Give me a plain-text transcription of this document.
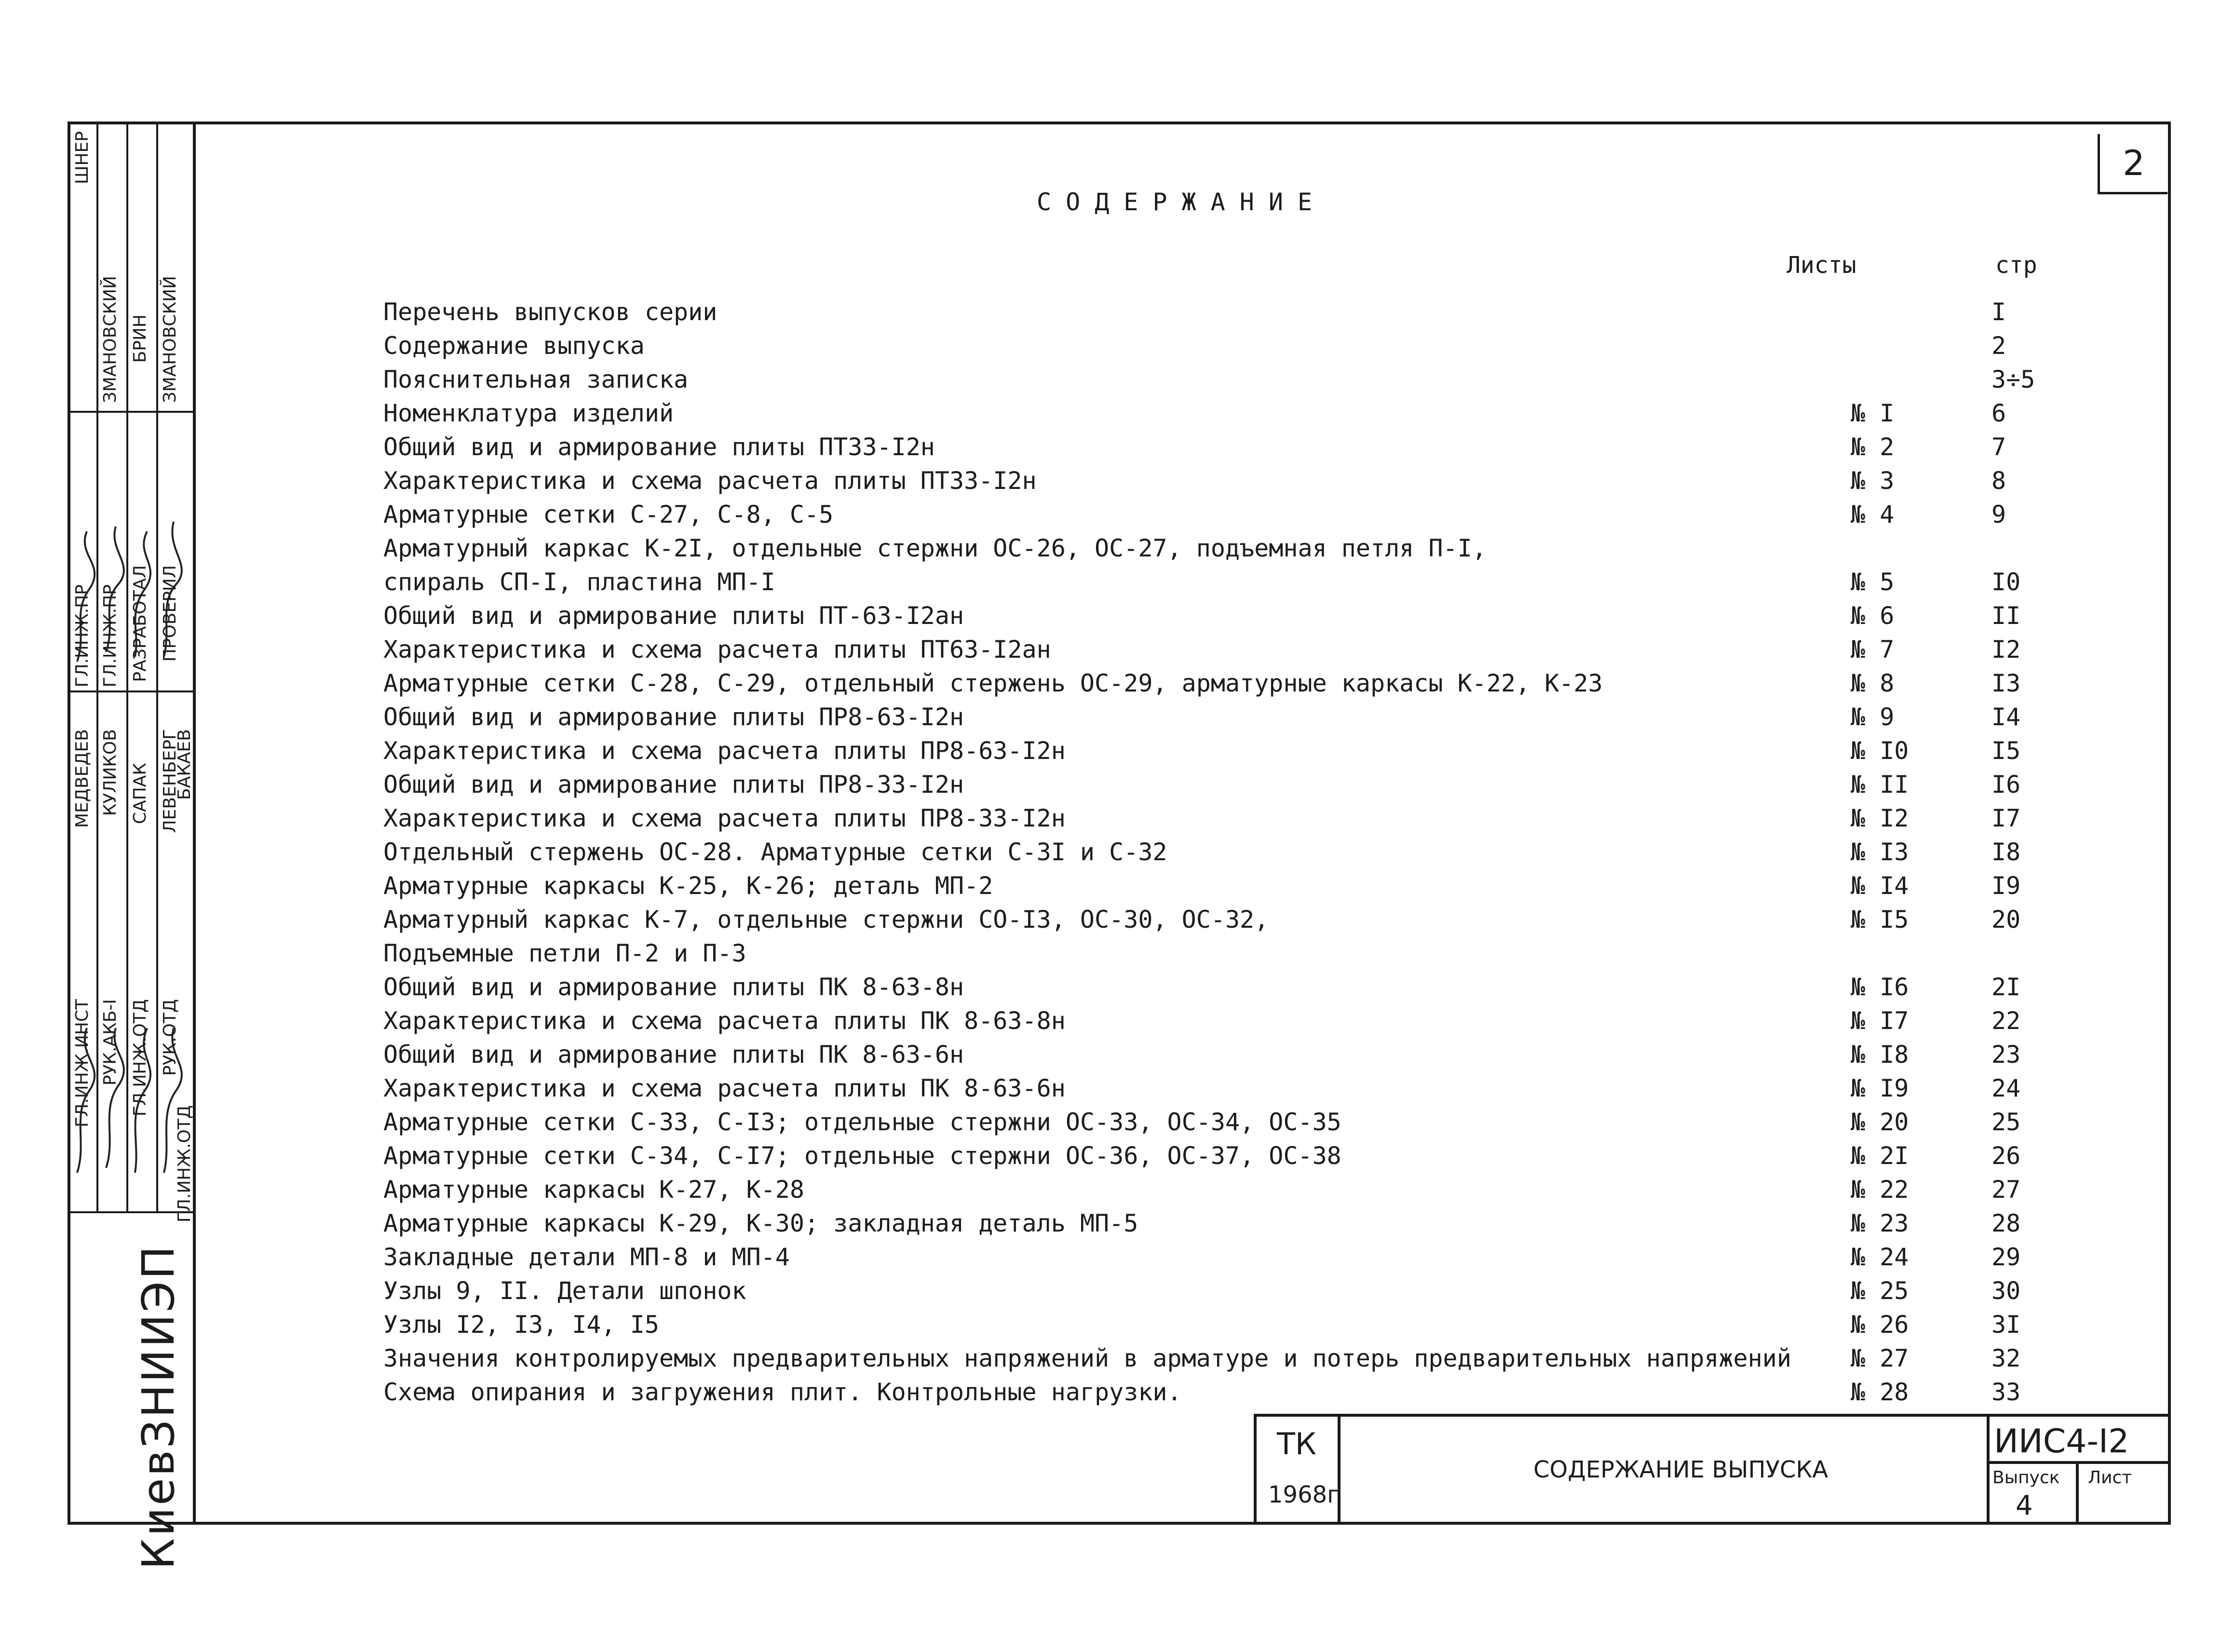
2
СОДЕРЖАНИЕ
Листы	стр
Перечень выпусков серии	I
Содержание выпуска	2
Пояснительная записка	3÷5
Номенклатура изделий	№ I	6
Общий вид и армирование плиты ПТЗЗ-I2н	№ 2	7
Характеристика и схема расчета плиты ПТЗЗ-I2н	№ 3	8
Арматурные сетки С-27, С-8, С-5	№ 4	9
Арматурный каркас К-2I, отдельные стержни ОС-26, ОС-27, подъемная петля П-I,
спираль СП-I, пластина МП-I	№ 5	I0
Общий вид и армирование плиты ПТ-63-I2ан	№ 6	II
Характеристика и схема расчета плиты ПТ63-I2ан	№ 7	I2
Арматурные сетки С-28, С-29, отдельный стержень ОС-29, арматурные каркасы К-22, К-23	№ 8	I3
Общий вид и армирование плиты ПР8-63-I2н	№ 9	I4
Характеристика и схема расчета плиты ПР8-63-I2н	№ I0	I5
Общий вид и армирование плиты ПР8-33-I2н	№ II	I6
Характеристика и схема расчета плиты ПР8-33-I2н	№ I2	I7
Отдельный стержень ОС-28. Арматурные сетки С-3I и С-32	№ I3	I8
Арматурные каркасы К-25, К-26; деталь МП-2	№ I4	I9
Арматурный каркас К-7, отдельные стержни СО-I3, ОС-30, ОС-32,	№ I5	20
Подъемные петли П-2 и П-3
Общий вид и армирование плиты ПК 8-63-8н	№ I6	2I
Характеристика и схема расчета плиты ПК 8-63-8н	№ I7	22
Общий вид и армирование плиты ПК 8-63-6н	№ I8	23
Характеристика и схема расчета плиты ПК 8-63-6н	№ I9	24
Арматурные сетки С-33, С-I3; отдельные стержни ОС-33, ОС-34, ОС-35	№ 20	25
Арматурные сетки С-34, С-I7; отдельные стержни ОС-36, ОС-37, ОС-38	№ 2I	26
Арматурные каркасы К-27, К-28	№ 22	27
Арматурные каркасы К-29, К-30; закладная деталь МП-5	№ 23	28
Закладные детали МП-8 и МП-4	№ 24	29
Узлы 9, II. Детали шпонок	№ 25	30
Узлы I2, I3, I4, I5	№ 26	3I
Значения контролируемых предварительных напряжений в арматуре и потерь предварительных напряжений № 27	32
Схема опирания и загружения плит. Контрольные нагрузки.	№ 28	33
ГЛ.ИНЖ.ИНСТ
МЕДВЕДЕВ
РУК.АКБ-I
КУЛИКОВ
ГЛ.ИНЖ.ОТД
САПАК
РУК.ОТД
ЛЕВЕНБЕРГ
ГЛ.ИНЖ.ОТД
БАКАЕВ
ГЛ.ИНЖ.ПР
ШНЕР
ГЛ.ИНЖ.ПР
ЗМАНОВСКИЙ
РАЗРАБОТАЛ
БРИН
ПРОВЕРИЛ
ЗМАНОВСКИЙ
КиевЗНИИЭП	ТК
1968г
СОДЕРЖАНИЕ ВЫПУСКА
ИИС4-I2
Выпуск
4
Лист
